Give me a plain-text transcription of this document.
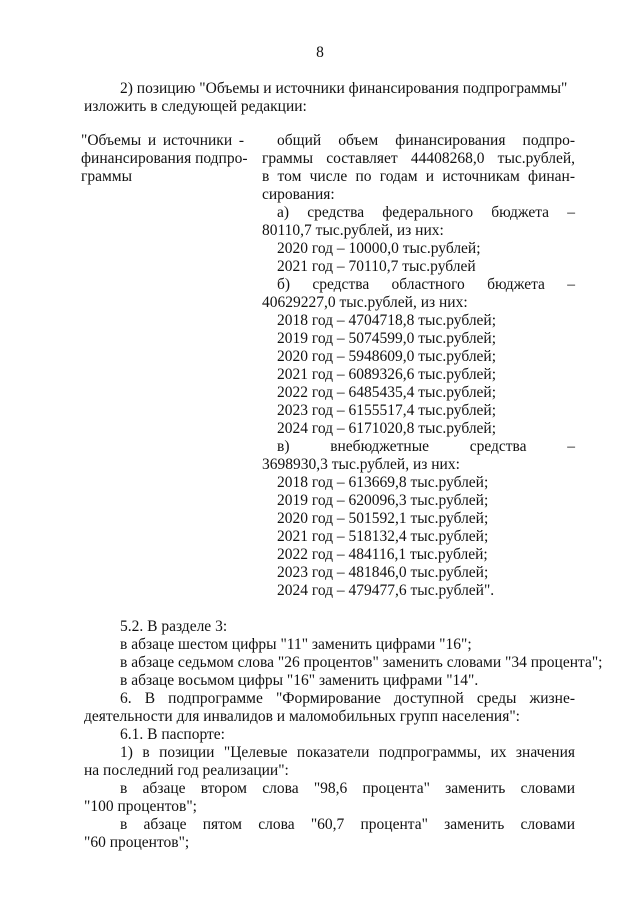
8
2) позицию "Объемы и источники финансирования подпрограммы"
изложить в следующей редакции:
"Объемы и источники -
финансирования подпро-
граммы
общий объем финансирования подпро-
граммы составляет 44408268,0 тыс.рублей,
в том числе по годам и источникам финан-
сирования:
а) средства федерального бюджета –
80110,7 тыс.рублей, из них:
2020 год – 10000,0 тыс.рублей;
2021 год – 70110,7 тыс.рублей
б) средства областного бюджета –
40629227,0 тыс.рублей, из них:
2018 год – 4704718,8 тыс.рублей;
2019 год – 5074599,0 тыс.рублей;
2020 год – 5948609,0 тыс.рублей;
2021 год – 6089326,6 тыс.рублей;
2022 год – 6485435,4 тыс.рублей;
2023 год – 6155517,4 тыс.рублей;
2024 год – 6171020,8 тыс.рублей;
в) внебюджетные средства –
3698930,3 тыс.рублей, из них:
2018 год – 613669,8 тыс.рублей;
2019 год – 620096,3 тыс.рублей;
2020 год – 501592,1 тыс.рублей;
2021 год – 518132,4 тыс.рублей;
2022 год – 484116,1 тыс.рублей;
2023 год – 481846,0 тыс.рублей;
2024 год – 479477,6 тыс.рублей".
5.2. В разделе 3:
в абзаце шестом цифры "11" заменить цифрами "16";
в абзаце седьмом слова "26 процентов" заменить словами "34 процента";
в абзаце восьмом цифры "16" заменить цифрами "14".
6. В подпрограмме "Формирование доступной среды жизне-
деятельности для инвалидов и маломобильных групп населения":
6.1. В паспорте:
1) в позиции "Целевые показатели подпрограммы, их значения
на последний год реализации":
в абзаце втором слова "98,6 процента" заменить словами
"100 процентов";
в абзаце пятом слова "60,7 процента" заменить словами
"60 процентов";
